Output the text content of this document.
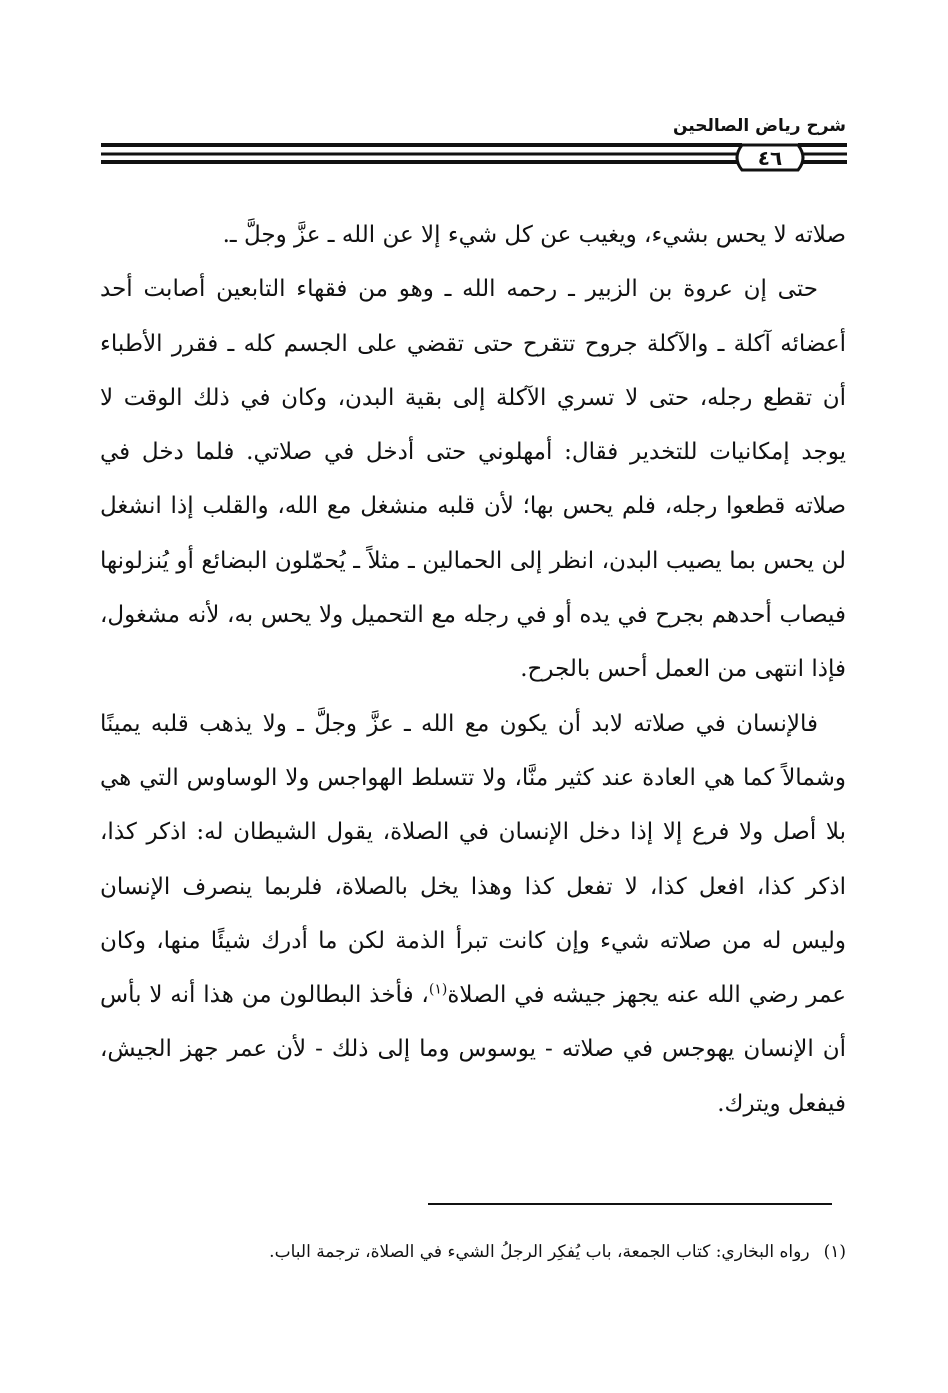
شرح رياض الصالحين

٤٦

صلاته لا يحس بشيء، ويغيب عن كل شيء إلا عن الله ـ عزَّ وجلَّ ـ.

حتى إن عروة بن الزبير ـ رحمه الله ـ وهو من فقهاء التابعين أصابت أحد أعضائه آكلة ـ والآكلة جروح تتقرح حتى تقضي على الجسم كله ـ فقرر الأطباء أن تقطع رجله، حتى لا تسري الآكلة إلى بقية البدن، وكان في ذلك الوقت لا يوجد إمكانيات للتخدير فقال: أمهلوني حتى أدخل في صلاتي. فلما دخل في صلاته قطعوا رجله، فلم يحس بها؛ لأن قلبه منشغل مع الله، والقلب إذا انشغل لن يحس بما يصيب البدن، انظر إلى الحمالين ـ مثلاً ـ يُحمّلون البضائع أو يُنزلونها فيصاب أحدهم بجرح في يده أو في رجله مع التحميل ولا يحس به، لأنه مشغول، فإذا انتهى من العمل أحس بالجرح.

فالإنسان في صلاته لابد أن يكون مع الله ـ عزَّ وجلَّ ـ ولا يذهب قلبه يمينًا وشمالاً كما هي العادة عند كثير منَّا، ولا تتسلط الهواجس ولا الوساوس التي هي بلا أصل ولا فرع إلا إذا دخل الإنسان في الصلاة، يقول الشيطان له: اذكر كذا، اذكر كذا، افعل كذا، لا تفعل كذا وهذا يخل بالصلاة، فلربما ينصرف الإنسان وليس له من صلاته شيء وإن كانت تبرأ الذمة لكن ما أدرك شيئًا منها، وكان عمر رضي الله عنه يجهز جيشه في الصلاة$^{(١)}$، فأخذ البطالون من هذا أنه لا بأس أن الإنسان يهوجس في صلاته - يوسوس وما إلى ذلك - لأن عمر جهز الجيش، فيفعل ويترك.

(١)رواه البخاري: كتاب الجمعة، باب يُفكِر الرجلُ الشيء في الصلاة، ترجمة الباب.
